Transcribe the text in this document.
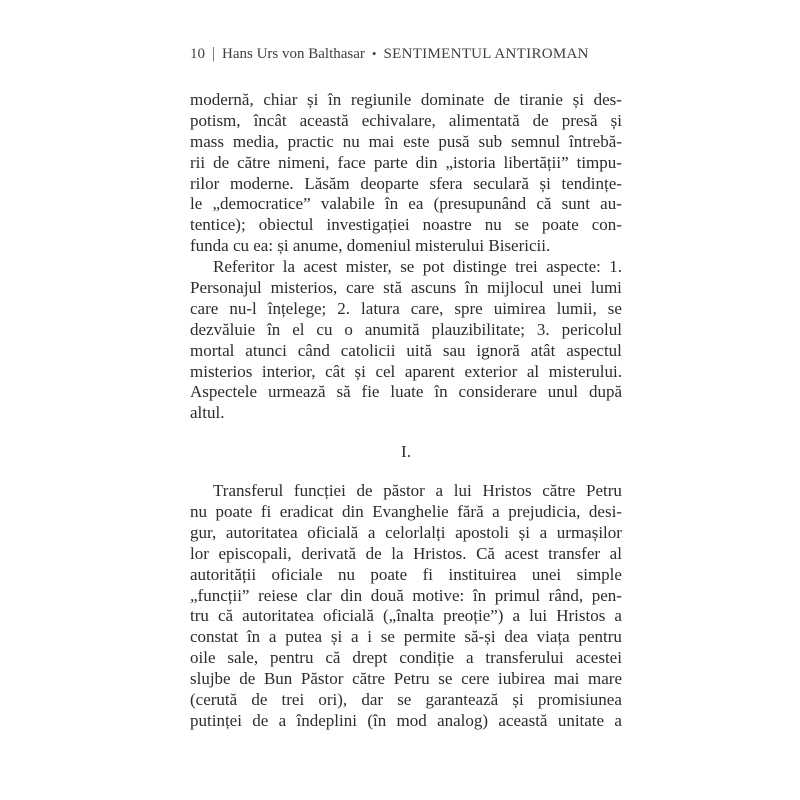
10 | Hans Urs von Balthasar • SENTIMENTUL ANTIROMAN
modernă, chiar și în regiunile dominate de tiranie și des-
potism, încât această echivalare, alimentată de presă și
mass media, practic nu mai este pusă sub semnul întrebă-
rii de către nimeni, face parte din „istoria libertății” timpu-
rilor moderne. Lăsăm deoparte sfera seculară și tendințe-
le „democratice” valabile în ea (presupunând că sunt au-
tentice); obiectul investigației noastre nu se poate con-
funda cu ea: și anume, domeniul misterului Bisericii.
Referitor la acest mister, se pot distinge trei aspecte: 1.
Personajul misterios, care stă ascuns în mijlocul unei lumi
care nu-l înțelege; 2. latura care, spre uimirea lumii, se
dezvăluie în el cu o anumită plauzibilitate; 3. pericolul
mortal atunci când catolicii uită sau ignoră atât aspectul
misterios interior, cât și cel aparent exterior al misterului.
Aspectele urmează să fie luate în considerare unul după
altul.
I.
Transferul funcției de păstor a lui Hristos către Petru
nu poate fi eradicat din Evanghelie fără a prejudicia, desi-
gur, autoritatea oficială a celorlalți apostoli și a urmașilor
lor episcopali, derivată de la Hristos. Că acest transfer al
autorității oficiale nu poate fi instituirea unei simple
„funcții” reiese clar din două motive: în primul rând, pen-
tru că autoritatea oficială („înalta preoție”) a lui Hristos a
constat în a putea și a i se permite să-și dea viața pentru
oile sale, pentru că drept condiție a transferului acestei
slujbe de Bun Păstor către Petru se cere iubirea mai mare
(cerută de trei ori), dar se garantează și promisiunea
putinței de a îndeplini (în mod analog) această unitate a
